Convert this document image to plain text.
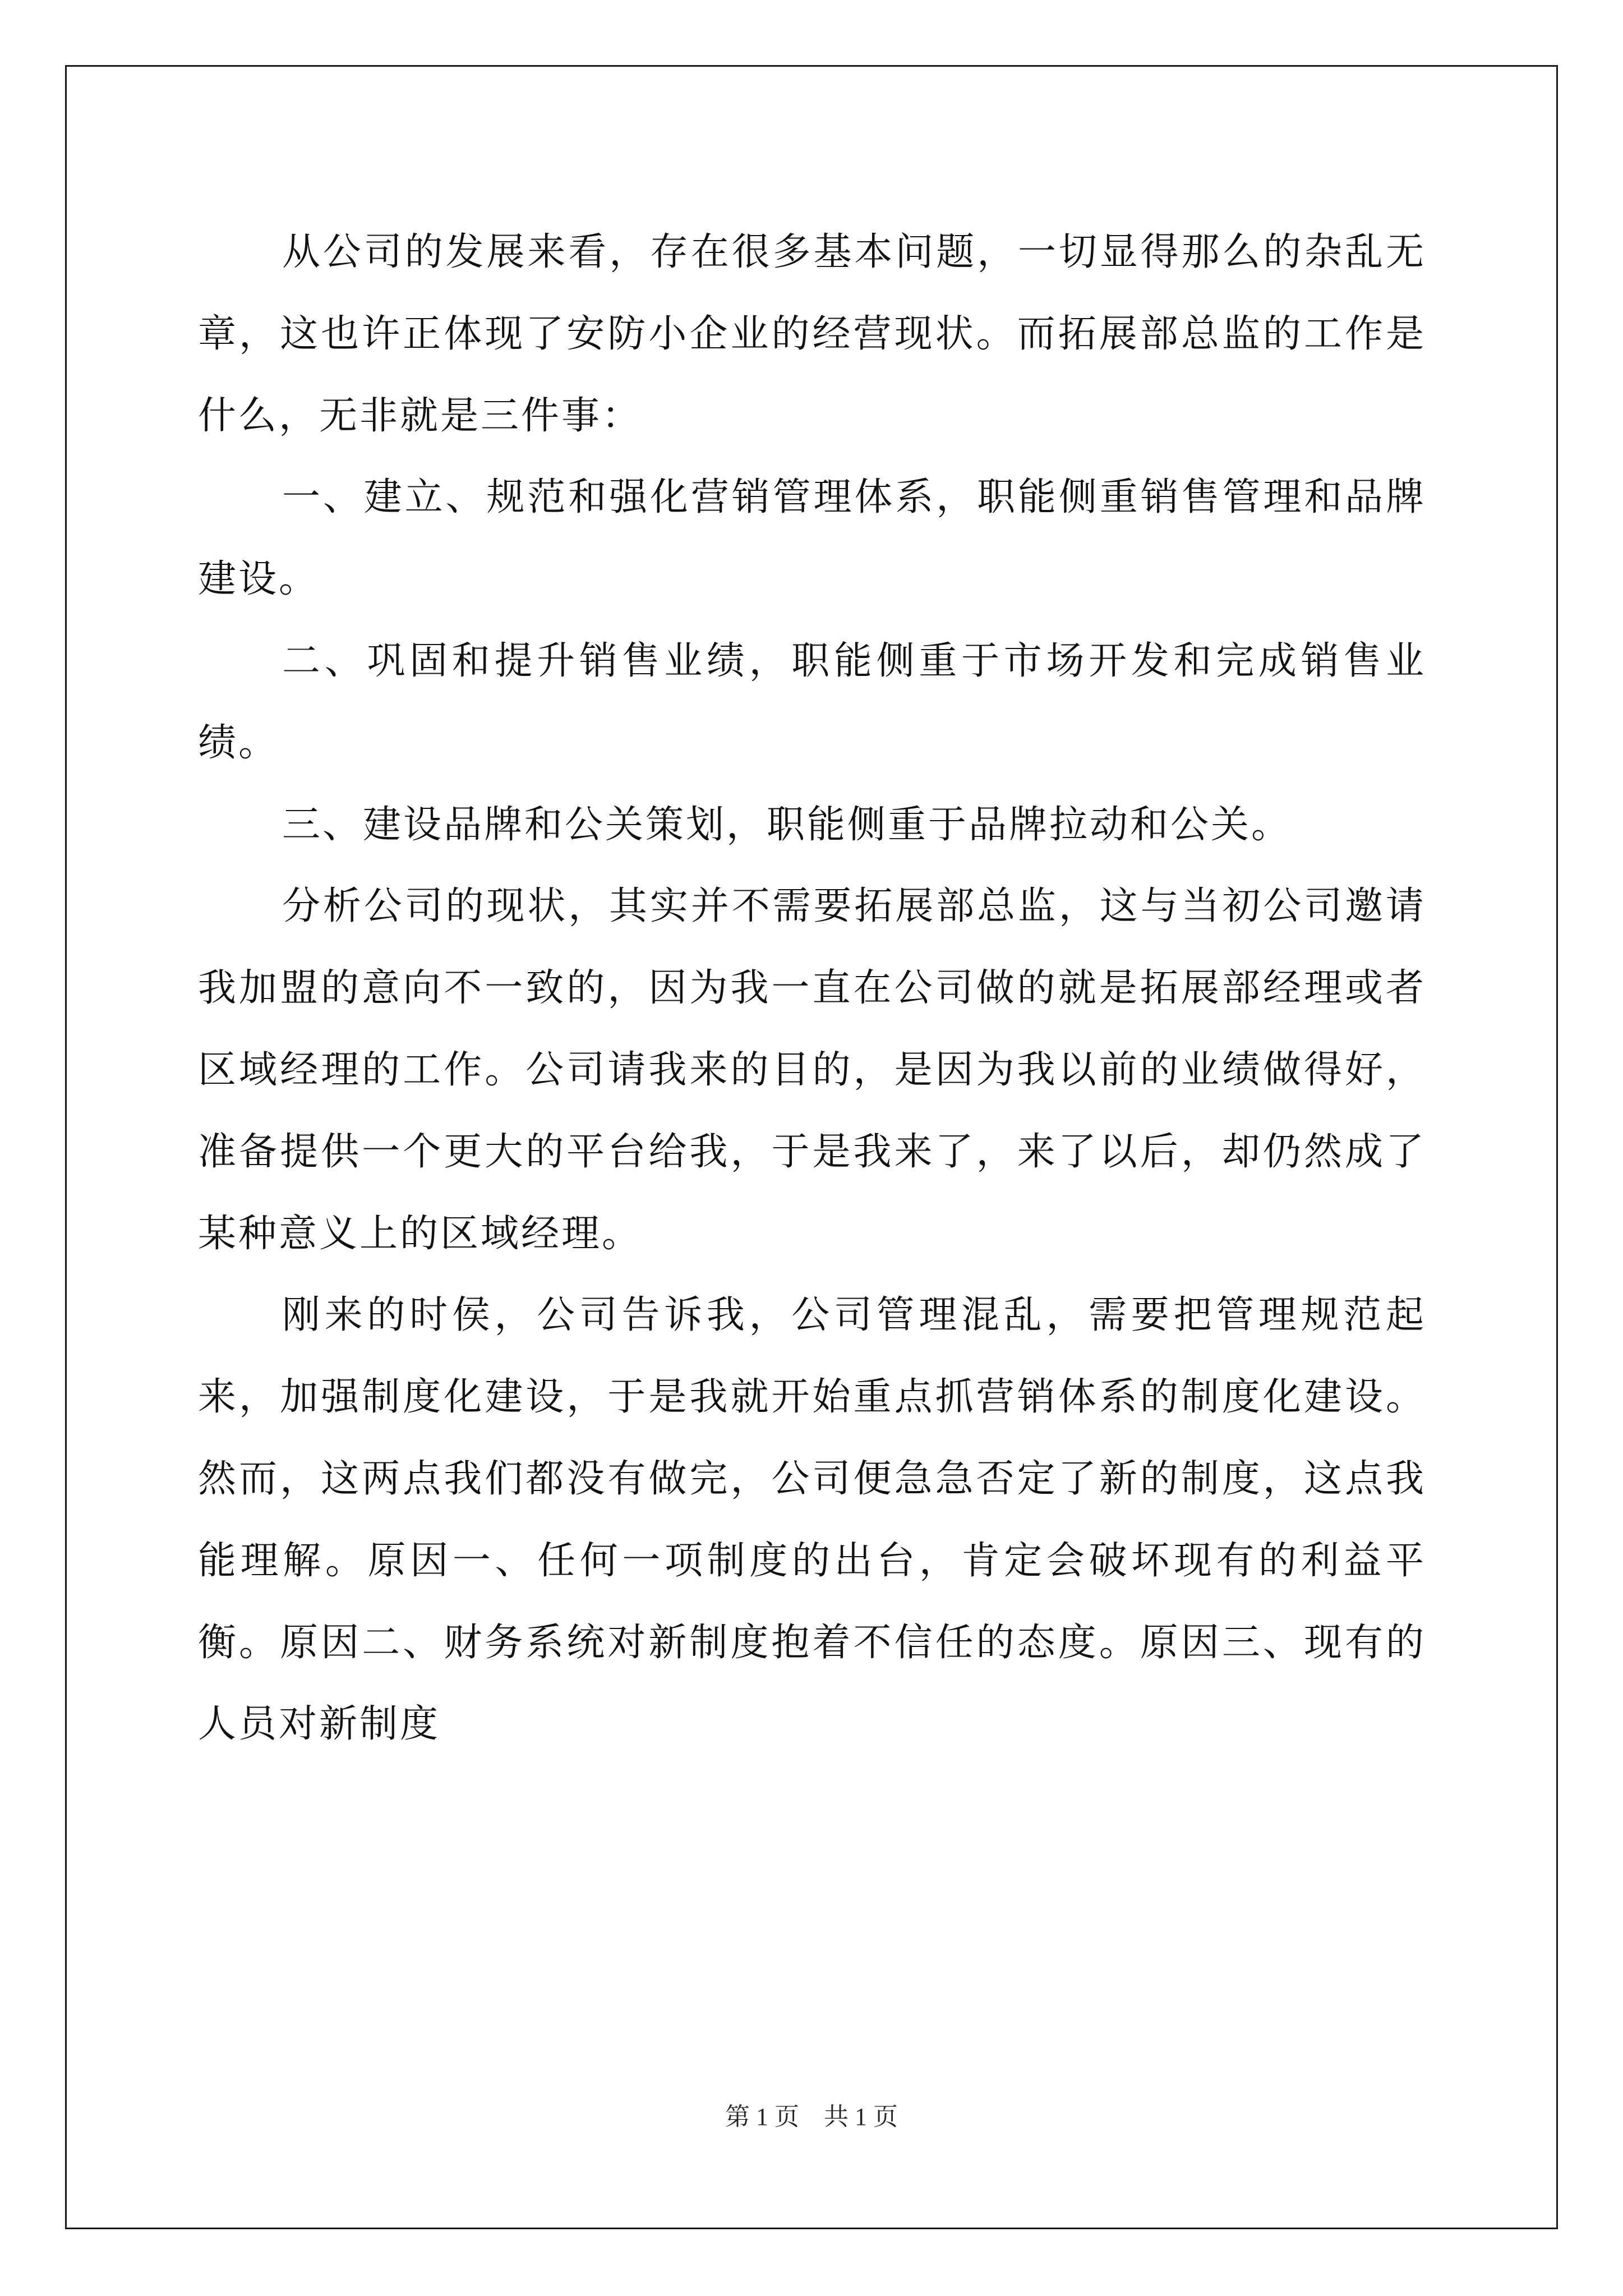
从公司的发展来看，存在很多基本问题，一切显得那么的杂乱无章，这也许正体现了安防小企业的经营现状。而拓展部总监的工作是什么，无非就是三件事：

一、建立、规范和强化营销管理体系，职能侧重销售管理和品牌建设。

二、巩固和提升销售业绩，职能侧重于市场开发和完成销售业绩。

三、建设品牌和公关策划，职能侧重于品牌拉动和公关。

分析公司的现状，其实并不需要拓展部总监，这与当初公司邀请我加盟的意向不一致的，因为我一直在公司做的就是拓展部经理或者区域经理的工作。公司请我来的目的，是因为我以前的业绩做得好，准备提供一个更大的平台给我，于是我来了，来了以后，却仍然成了某种意义上的区域经理。

刚来的时侯，公司告诉我，公司管理混乱，需要把管理规范起来，加强制度化建设，于是我就开始重点抓营销体系的制度化建设。然而，这两点我们都没有做完，公司便急急否定了新的制度，这点我能理解。原因一、任何一项制度的出台，肯定会破坏现有的利益平衡。原因二、财务系统对新制度抱着不信任的态度。原因三、现有的人员对新制度

第 1 页    共 1 页
